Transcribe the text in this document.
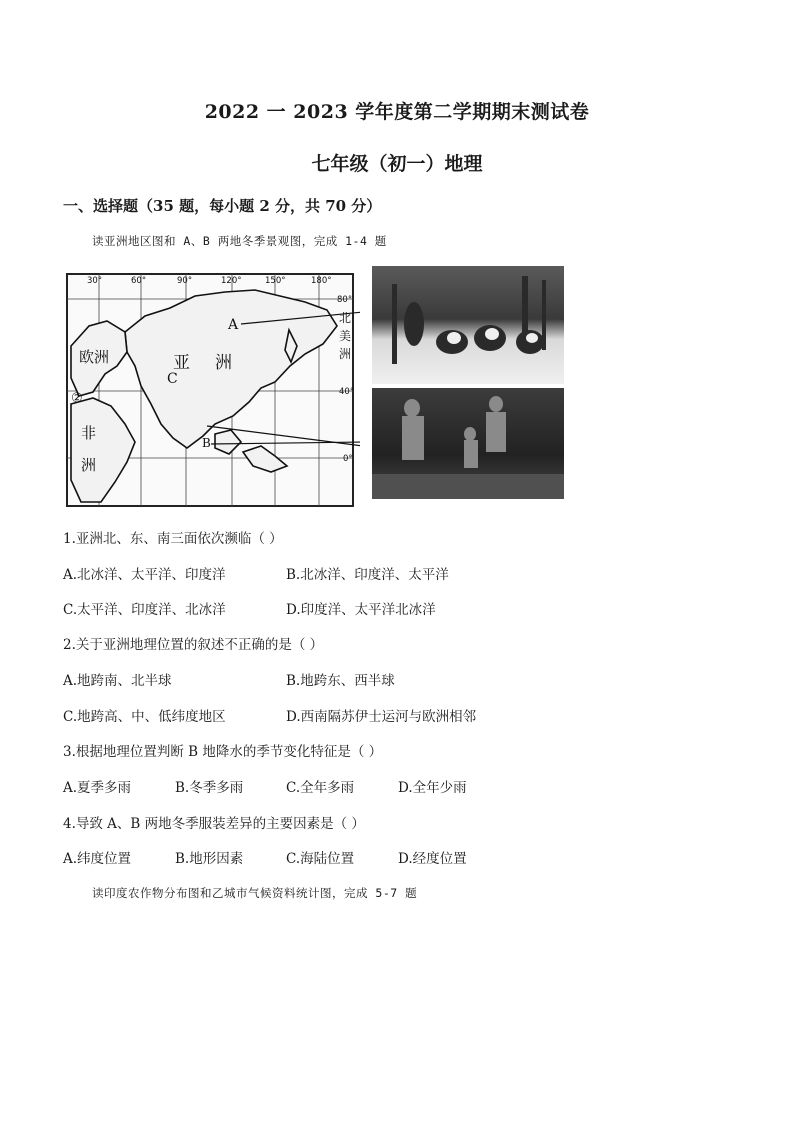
2022 一 2023 学年度第二学期期末测试卷
七年级（初一）地理
一、选择题（35 题，每小题 2 分，共 70 分）
读亚洲地区图和 A、B 两地冬季景观图，完成 1-4 题
30°	60°	90°	120°	150°	180°
80°
40°
0°
欧洲	亚 洲
C
A
B
非
洲
北
美
洲
②
1.亚洲北、东、南三面依次濒临（ ）
A.北冰洋、太平洋、印度洋	B.北冰洋、印度洋、太平洋
C.太平洋、印度洋、北冰洋	D.印度洋、太平洋北冰洋
2.关于亚洲地理位置的叙述不正确的是（ ）
A.地跨南、北半球	B.地跨东、西半球
C.地跨高、中、低纬度地区	D.西南隔苏伊士运河与欧洲相邻
3.根据地理位置判断 B 地降水的季节变化特征是（ ）
A.夏季多雨	B.冬季多雨	C.全年多雨	D.全年少雨
4.导致 A、B 两地冬季服装差异的主要因素是（ ）
A.纬度位置	B.地形因素	C.海陆位置	D.经度位置
读印度农作物分布图和乙城市气候资料统计图，完成 5-7 题
